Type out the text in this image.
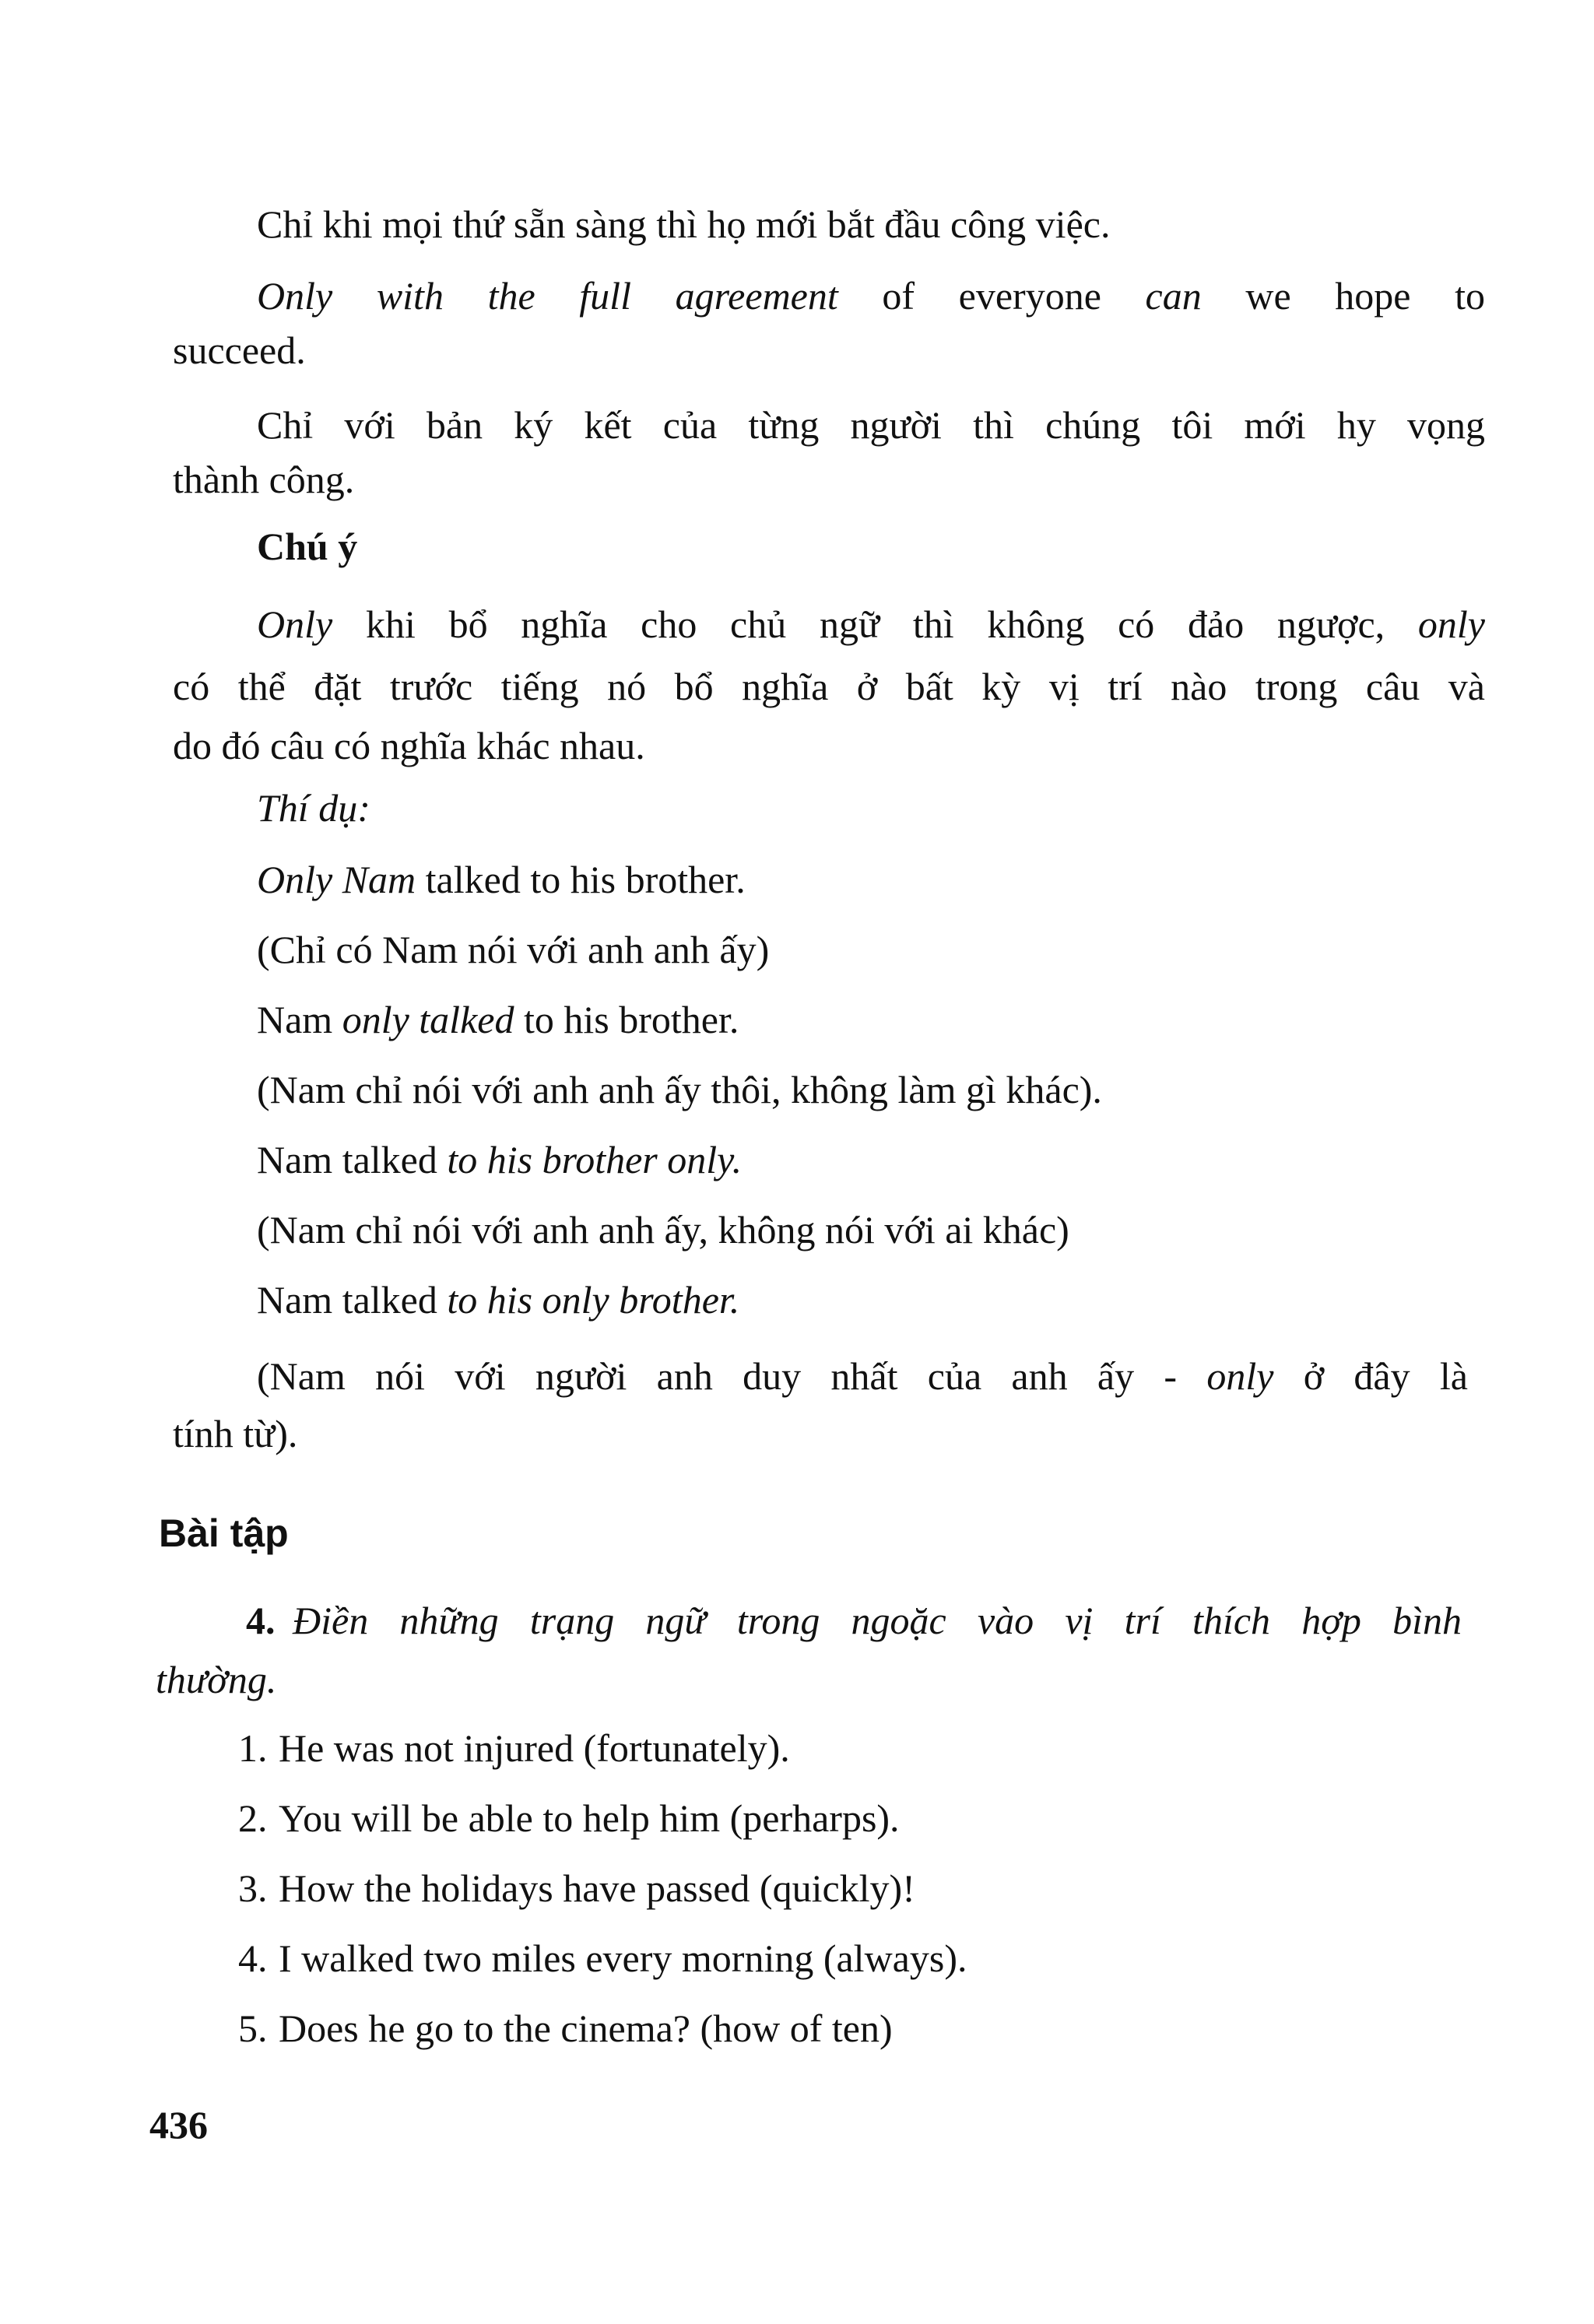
Chỉ khi mọi thứ sẵn sàng thì họ mới bắt đầu công việc.
Only with the full agreement of everyone can we hope to
succeed.
Chỉ với bản ký kết của từng người thì chúng tôi mới hy vọng
thành công.
Chú ý
Only khi bổ nghĩa cho chủ ngữ thì không có đảo ngược, only
có thể đặt trước tiếng nó bổ nghĩa ở bất kỳ vị trí nào trong câu và
do đó câu có nghĩa khác nhau.
Thí dụ:
Only Nam talked to his brother.
(Chỉ có Nam nói với anh anh ấy)
Nam only talked to his brother.
(Nam chỉ nói với anh anh ấy thôi, không làm gì khác).
Nam talked to his brother only.
(Nam chỉ nói với anh anh ấy, không nói với ai khác)
Nam talked to his only brother.
(Nam nói với người anh duy nhất của anh ấy - only ở đây là
tính từ).
Bài tập
4. Điền những trạng ngữ trong ngoặc vào vị trí thích hợp bình
thường.
1. He was not injured (fortunately).
2. You will be able to help him (perharps).
3. How the holidays have passed (quickly)!
4. I walked two miles every morning (always).
5. Does he go to the cinema? (how of ten)
436
